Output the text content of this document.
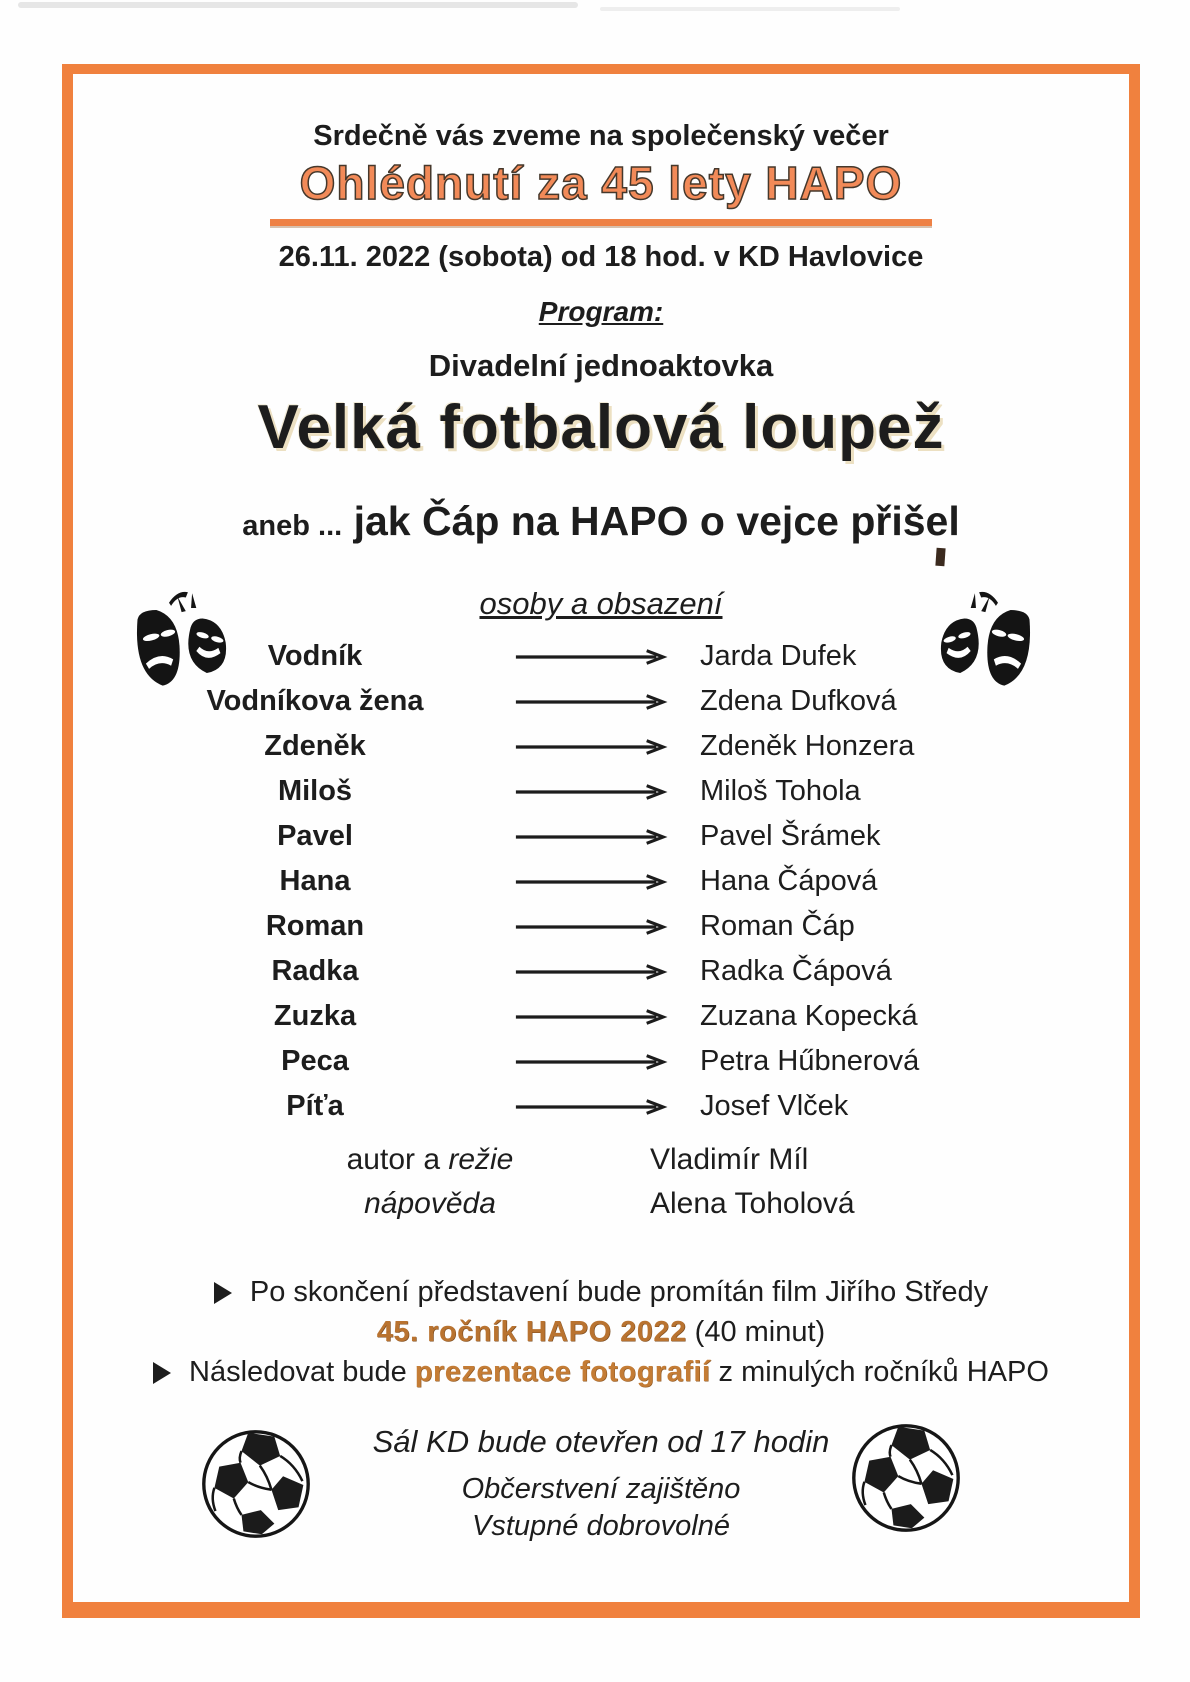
Srdečně vás zveme na společenský večer
Ohlédnutí za 45 lety HAPO
26.11. 2022 (sobota) od 18 hod. v KD Havlovice
Program:
Divadelní jednoaktovka
Velká fotbalová loupež
aneb ... jak Čáp na HAPO o vejce přišel
osoby a obsazení
Vodník	Jarda Dufek
Vodníkova žena	Zdena Dufková
Zdeněk	Zdeněk Honzera
Miloš	Miloš Tohola
Pavel	Pavel Šrámek
Hana	Hana Čápová
Roman	Roman Čáp
Radka	Radka Čápová
Zuzka	Zuzana Kopecká
Peca	Petra Hűbnerová
Píťa	Josef Vlček
autor a režie	Vladimír Míl
nápověda	Alena Toholová
Po skončení představení bude promítán film Jiřího Středy
45. ročník HAPO 2022 (40 minut)
Následovat bude prezentace fotografií z minulých ročníků HAPO
Sál KD bude otevřen od 17 hodin
Občerstvení zajištěno
Vstupné dobrovolné
